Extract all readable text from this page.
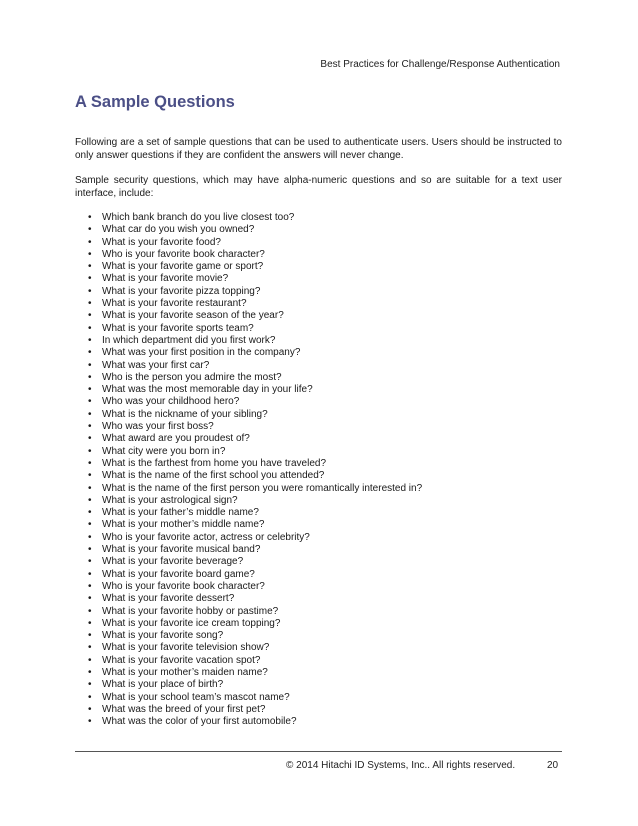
Best Practices for Challenge/Response Authentication
A Sample Questions

Following are a set of sample questions that can be used to authenticate users. Users should be instructed to only answer questions if they are confident the answers will never change.

Sample security questions, which may have alpha-numeric questions and so are suitable for a text user interface, include:

•	Which bank branch do you live closest too?
•	What car do you wish you owned?
•	What is your favorite food?
•	Who is your favorite book character?
•	What is your favorite game or sport?
•	What is your favorite movie?
•	What is your favorite pizza topping?
•	What is your favorite restaurant?
•	What is your favorite season of the year?
•	What is your favorite sports team?
•	In which department did you first work?
•	What was your first position in the company?
•	What was your first car?
•	Who is the person you admire the most?
•	What was the most memorable day in your life?
•	Who was your childhood hero?
•	What is the nickname of your sibling?
•	Who was your first boss?
•	What award are you proudest of?
•	What city were you born in?
•	What is the farthest from home you have traveled?
•	What is the name of the first school you attended?
•	What is the name of the first person you were romantically interested in?
•	What is your astrological sign?
•	What is your father’s middle name?
•	What is your mother’s middle name?
•	Who is your favorite actor, actress or celebrity?
•	What is your favorite musical band?
•	What is your favorite beverage?
•	What is your favorite board game?
•	Who is your favorite book character?
•	What is your favorite dessert?
•	What is your favorite hobby or pastime?
•	What is your favorite ice cream topping?
•	What is your favorite song?
•	What is your favorite television show?
•	What is your favorite vacation spot?
•	What is your mother’s maiden name?
•	What is your place of birth?
•	What is your school team’s mascot name?
•	What was the breed of your first pet?
•	What was the color of your first automobile?
© 2014 Hitachi ID Systems, Inc.. All rights reserved.	20
